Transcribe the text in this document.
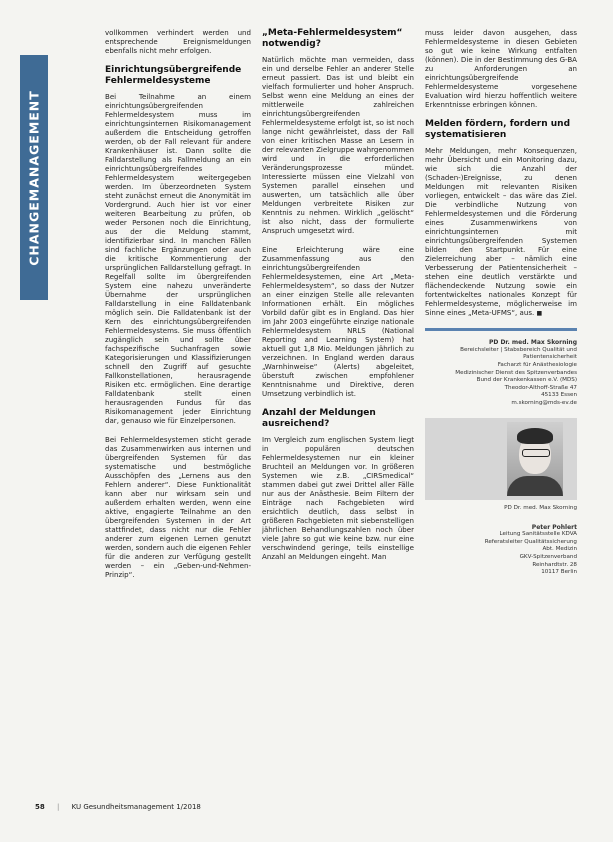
CHANGEMANAGEMENT

vollkommen verhindert werden und entsprechende Ereignismeldungen ebenfalls nicht mehr erfolgen.

Einrichtungsübergreifende Fehlermeldesysteme

Bei Teilnahme an einem einrichtungsübergreifenden Fehlermeldesystem muss im einrichtungsinternen Risikomanagement außerdem die Entscheidung getroffen werden, ob der Fall relevant für andere Krankenhäuser ist. Dann sollte die Falldarstellung als Fallmeldung an ein einrichtungsübergreifendes Fehlermeldesystem weitergegeben werden. Im überzeordneten System steht zunächst erneut die Anonymität im Vordergrund. Auch hier ist vor einer weiteren Bearbeitung zu prüfen, ob weder Personen noch die Einrichtung, aus der die Meldung stammt, identifizierbar sind. In manchen Fällen sind fachliche Ergänzungen oder auch die kritische Kommentierung der ursprünglichen Falldarstellung gefragt. In Regelfall sollte im übergreifenden System eine nahezu unveränderte Übernahme der ursprünglichen Falldarstellung in eine Falldatenbank möglich sein. Die Falldatenbank ist der Kern des einrichtungsübergreifenden Fehlermeldesystems. Sie muss öffentlich zugänglich sein und sollte über fachspezifische Suchanfragen sowie Kategorisierungen und Klassifizierungen schnell den Zugriff auf gesuchte Fallkonstellationen, herausragende Risiken etc. ermöglichen. Eine derartige Falldatenbank stellt einen herausragenden Fundus für das Risikomanagement jeder Einrichtung dar, genauso wie für Einzelpersonen.

Bei Fehlermeldesystemen sticht gerade das Zusammenwirken aus internen und übergreifenden Systemen für das systematische und bestmögliche Ausschöpfen des „Lernens aus den Fehlern anderer“. Diese Funktionalität kann aber nur wirksam sein und außerdem erhalten werden, wenn eine aktive, engagierte Teilnahme an den übergreifenden Systemen in der Art stattfindet, dass nicht nur die Fehler anderer zum eigenen Lernen genutzt werden, sondern auch die eigenen Fehler für die anderen zur Verfügung gestellt werden – ein „Geben-und-Nehmen-Prinzip“.

„Meta-Fehlermeldesystem“ notwendig?

Natürlich möchte man vermeiden, dass ein und derselbe Fehler an anderer Stelle erneut passiert. Das ist und bleibt ein vielfach formulierter und hoher Anspruch. Selbst wenn eine Meldung an eines der mittlerweile zahlreichen einrichtungsübergreifenden Fehlermeldesysteme erfolgt ist, so ist noch lange nicht gewährleistet, dass der Fall von einer kritischen Masse an Lesern in der relevanten Zielgruppe wahrgenommen wird und in die erforderlichen Veränderungsprozesse mündet. Interessierte müssen eine Vielzahl von Systemen parallel einsehen und auswerten, um tatsächlich alle über Meldungen verbreitete Risiken zur Kenntnis zu nehmen. Wirklich „gelöscht“ ist also nicht, dass der formulierte Anspruch umgesetzt wird.

Eine Erleichterung wäre eine Zusammenfassung aus den einrichtungsübergreifenden Fehlermeldesystemen, eine Art „Meta-Fehlermeldesystem“, so dass der Nutzer an einer einzigen Stelle alle relevanten Informationen erhält. Ein mögliches Vorbild dafür gibt es in England. Das hier im Jahr 2003 eingeführte einzige nationale Fehlermeldesystem NRLS (National Reporting and Learning System) hat aktuell gut 1,8 Mio. Meldungen jährlich zu verzeichnen. In England werden daraus „Warnhinweise“ (Alerts) abgeleitet, überstuft zwischen empfohlener Kenntnisnahme und Direktive, deren Umsetzung verbindlich ist.

Anzahl der Meldungen ausreichend?

Im Vergleich zum englischen System liegt in populären deutschen Fehlermeldesystemen nur ein kleiner Bruchteil an Meldungen vor. In größeren Systemen wie z.B. „CIRSmedical“ stammen dabei gut zwei Drittel aller Fälle nur aus der Anästhesie. Beim Filtern der Einträge nach Fachgebieten wird ersichtlich deutlich, dass selbst in größeren Fachgebieten mit siebenstelligen jährlichen Behandlungszahlen noch über viele Jahre so gut wie keine bzw. nur eine verschwindend geringe, teils einstellige Anzahl an Meldungen eingeht. Man

muss leider davon ausgehen, dass Fehlermeldesysteme in diesen Gebieten so gut wie keine Wirkung entfalten (können). Die in der Bestimmung des G-BA zu Anforderungen an einrichtungsübergreifende Fehlermeldesysteme vorgesehene Evaluation wird hierzu hoffentlich weitere Erkenntnisse erbringen können.

Melden fördern, fordern und systematisieren

Mehr Meldungen, mehr Konsequenzen, mehr Übersicht und ein Monitoring dazu, wie sich die Anzahl der (Schaden-)Ereignisse, zu denen Meldungen mit relevanten Risiken vorliegen, entwickelt – das wäre das Ziel. Die verbindliche Nutzung von Fehlermeldesystemen und die Förderung eines Zusammenwirkens von einrichtungsinternen mit einrichtungsübergreifenden Systemen bilden den Startpunkt. Für eine Zielerreichung aber – nämlich eine Verbesserung der Patientensicherheit – stehen eine deutlich verstärkte und flächendeckende Nutzung sowie ein fortentwickeltes nationales Konzept für Fehlermeldesysteme, möglicherweise im Sinne eines „Meta-UFMS“, aus. ■

PD Dr. med. Max Skorning
Bereichsleiter | Stabsbereich Qualität und Patientensicherheit
Facharzt für Anästhesiologie
Medizinischer Dienst des Spitzenverbandes
Bund der Krankenkassen e.V. (MDS)
Theodor-Althoff-Straße 47
45133 Essen
m.skorning@mds-ev.de
PD Dr. med. Max Skorning
Peter Pohlert
Leitung Sanitätsstelle KDVA
Referatsleiter Qualitätssicherung
Abt. Medizin
GKV-Spitzenverband
Reinhardtstr. 28
10117 Berlin
58 | KU Gesundheitsmanagement 1/2018
